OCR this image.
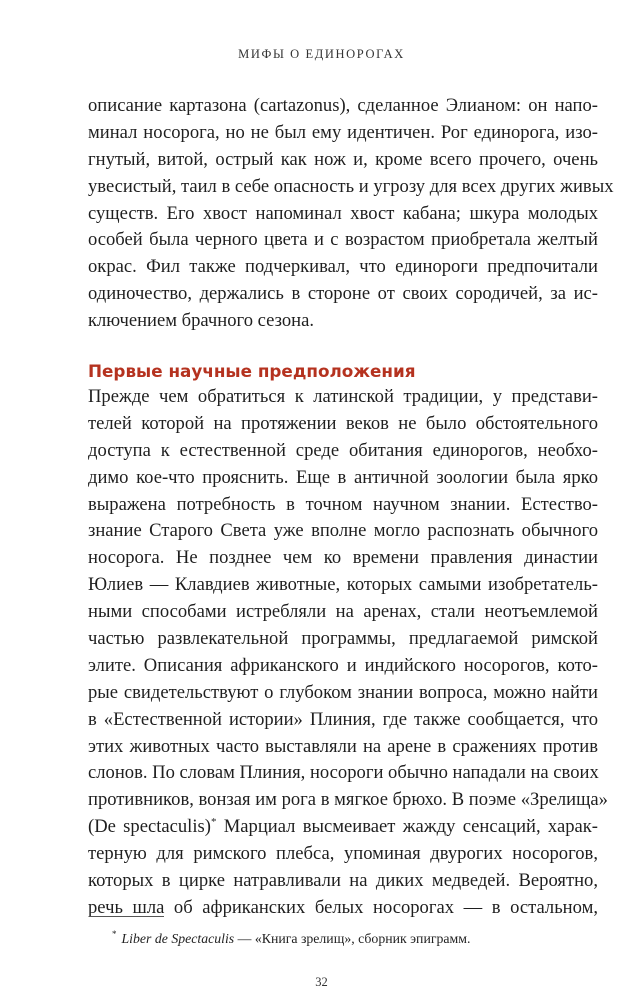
МИФЫ О ЕДИНОРОГАХ
описание картазона (cartazonus), сделанное Элианом: он напо-
минал носорога, но не был ему идентичен. Рог единорога, изо-
гнутый, витой, острый как нож и, кроме всего прочего, очень
увесистый, таил в себе опасность и угрозу для всех других живых
существ. Его хвост напоминал хвост кабана; шкура молодых
особей была черного цвета и с возрастом приобретала желтый
окрас. Фил также подчеркивал, что единороги предпочитали
одиночество, держались в стороне от своих сородичей, за ис-
ключением брачного сезона.
Первые научные предположения
Прежде чем обратиться к латинской традиции, у представи-
телей которой на протяжении веков не было обстоятельного
доступа к естественной среде обитания единорогов, необхо-
димо кое-что прояснить. Еще в античной зоологии была ярко
выражена потребность в точном научном знании. Естество-
знание Старого Света уже вполне могло распознать обычного
носорога. Не позднее чем ко времени правления династии
Юлиев — Клавдиев животные, которых самыми изобретатель-
ными способами истребляли на аренах, стали неотъемлемой
частью развлекательной программы, предлагаемой римской
элите. Описания африканского и индийского носорогов, кото-
рые свидетельствуют о глубоком знании вопроса, можно найти
в «Естественной истории» Плиния, где также сообщается, что
этих животных часто выставляли на арене в сражениях против
слонов. По словам Плиния, носороги обычно нападали на своих
противников, вонзая им рога в мягкое брюхо. В поэме «Зрелища»
(De spectaculis)* Марциал высмеивает жажду сенсаций, харак-
терную для римского плебса, упоминая двурогих носорогов,
которых в цирке натравливали на диких медведей. Вероятно,
речь шла об африканских белых носорогах — в остальном,
* Liber de Spectaculis — «Книга зрелищ», сборник эпиграмм.
32
